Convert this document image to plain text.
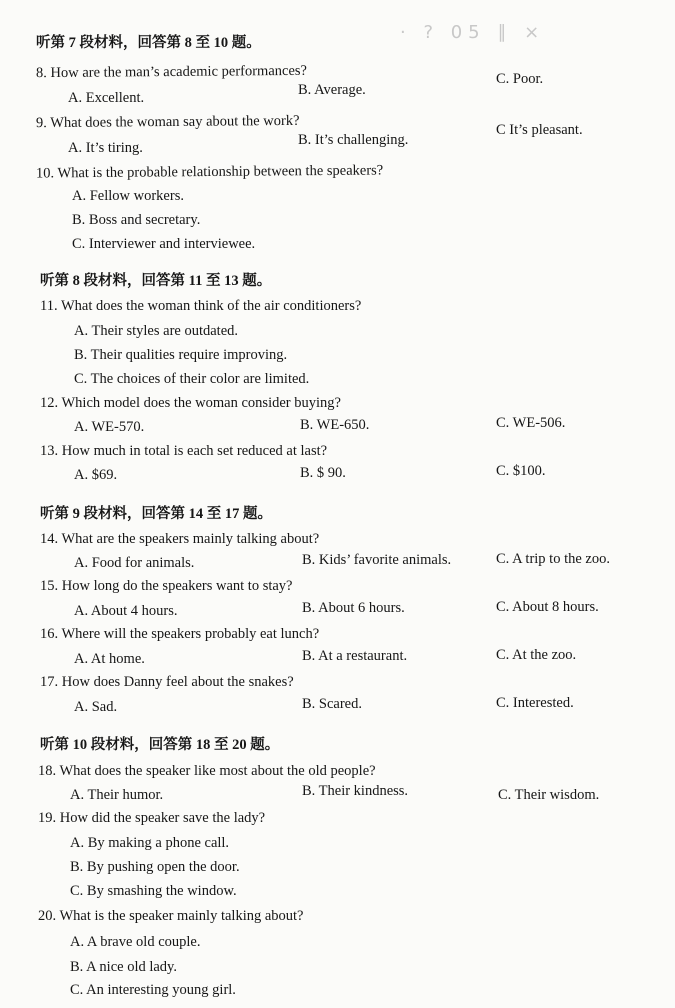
· ? 05 ∥ ×
听第 7 段材料，回答第 8 至 10 题。
8. How are the man’s academic performances?
A. Excellent.	B. Average.
C. Poor.
9. What does the woman say about the work?
A. It’s tiring.	B. It’s challenging.
C It’s pleasant.
10. What is the probable relationship between the speakers?
A. Fellow workers.
B. Boss and secretary.
C. Interviewer and interviewee.
听第 8 段材料，回答第 11 至 13 题。
11. What does the woman think of the air conditioners?
A. Their styles are outdated.
B. Their qualities require improving.
C. The choices of their color are limited.
12. Which model does the woman consider buying?
A. WE-570.	B. WE-650.	C. WE-506.
13. How much in total is each set reduced at last?
A. $69.	B. $ 90.	C. $100.
听第 9 段材料，回答第 14 至 17 题。
14. What are the speakers mainly talking about?
A. Food for animals.	B. Kids’ favorite animals.	C. A trip to the zoo.
15. How long do the speakers want to stay?
A. About 4 hours.	B. About 6 hours.	C. About 8 hours.
16. Where will the speakers probably eat lunch?
A. At home.	B. At a restaurant.	C. At the zoo.
17. How does Danny feel about the snakes?
A. Sad.	B. Scared.	C. Interested.
听第 10 段材料，回答第 18 至 20 题。
18. What does the speaker like most about the old people?
A. Their humor.	B. Their kindness.	C. Their wisdom.
19. How did the speaker save the lady?
A. By making a phone call.
B. By pushing open the door.
C. By smashing the window.
20. What is the speaker mainly talking about?
A. A brave old couple.
B. A nice old lady.
C. An interesting young girl.
